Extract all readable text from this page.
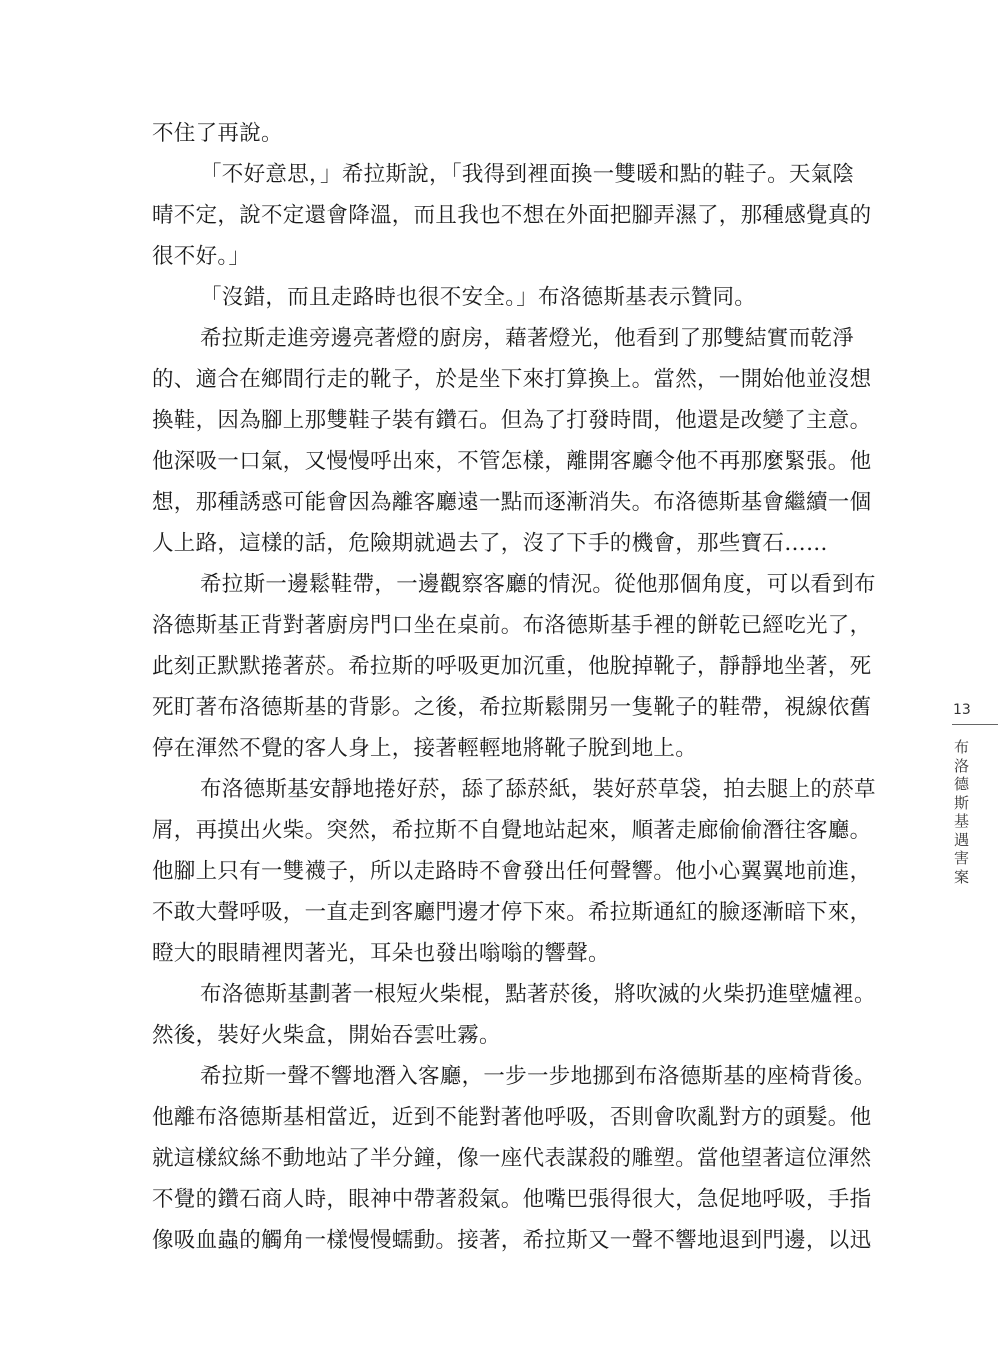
不住了再說。

「不好意思，」希拉斯說，「我得到裡面換一雙暖和點的鞋子。天氣陰
晴不定，說不定還會降溫，而且我也不想在外面把腳弄濕了，那種感覺真的
很不好。」

「沒錯，而且走路時也很不安全。」布洛德斯基表示贊同。

希拉斯走進旁邊亮著燈的廚房，藉著燈光，他看到了那雙結實而乾淨
的、適合在鄉間行走的靴子，於是坐下來打算換上。當然，一開始他並沒想
換鞋，因為腳上那雙鞋子裝有鑽石。但為了打發時間，他還是改變了主意。
他深吸一口氣，又慢慢呼出來，不管怎樣，離開客廳令他不再那麼緊張。他
想，那種誘惑可能會因為離客廳遠一點而逐漸消失。布洛德斯基會繼續一個
人上路，這樣的話，危險期就過去了，沒了下手的機會，那些寶石……

希拉斯一邊鬆鞋帶，一邊觀察客廳的情況。從他那個角度，可以看到布
洛德斯基正背對著廚房門口坐在桌前。布洛德斯基手裡的餅乾已經吃光了，
此刻正默默捲著菸。希拉斯的呼吸更加沉重，他脫掉靴子，靜靜地坐著，死
死盯著布洛德斯基的背影。之後，希拉斯鬆開另一隻靴子的鞋帶，視線依舊
停在渾然不覺的客人身上，接著輕輕地將靴子脫到地上。

布洛德斯基安靜地捲好菸，舔了舔菸紙，裝好菸草袋，拍去腿上的菸草
屑，再摸出火柴。突然，希拉斯不自覺地站起來，順著走廊偷偷潛往客廳。
他腳上只有一雙襪子，所以走路時不會發出任何聲響。他小心翼翼地前進，
不敢大聲呼吸，一直走到客廳門邊才停下來。希拉斯通紅的臉逐漸暗下來，
瞪大的眼睛裡閃著光，耳朵也發出嗡嗡的響聲。

布洛德斯基劃著一根短火柴棍，點著菸後，將吹滅的火柴扔進壁爐裡。
然後，裝好火柴盒，開始吞雲吐霧。

希拉斯一聲不響地潛入客廳，一步一步地挪到布洛德斯基的座椅背後。
他離布洛德斯基相當近，近到不能對著他呼吸，否則會吹亂對方的頭髮。他
就這樣紋絲不動地站了半分鐘，像一座代表謀殺的雕塑。當他望著這位渾然
不覺的鑽石商人時，眼神中帶著殺氣。他嘴巴張得很大，急促地呼吸，手指
像吸血蟲的觸角一樣慢慢蠕動。接著，希拉斯又一聲不響地退到門邊，以迅

13
布洛德斯基遇害案
